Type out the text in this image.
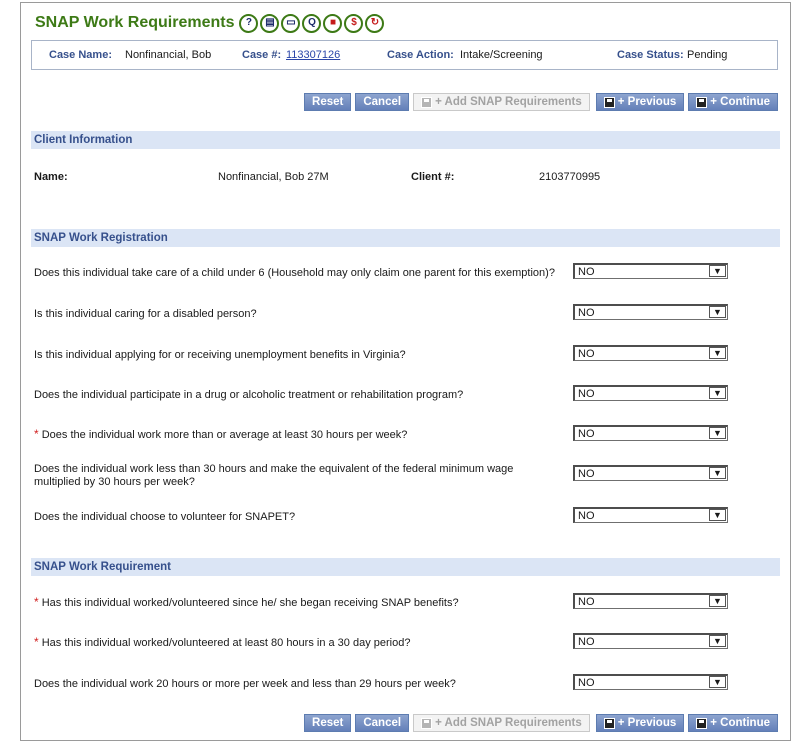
SNAP Work Requirements	?	▤	▭	Q	■	$	↻
Case Name: Nonfinancial, Bob	Case #: 113307126	Case Action: Intake/Screening	Case Status: Pending
Reset	Cancel	+ Add SNAP Requirements	+ Previous	+ Continue
Client Information
Name:	Nonfinancial, Bob 27M	Client #:	2103770995
SNAP Work Registration
Does this individual take care of a child under 6 (Household may only claim one parent for this exemption)?	NO	▼
Is this individual caring for a disabled person?	NO	▼
Is this individual applying for or receiving unemployment benefits in Virginia?	NO	▼
Does the individual participate in a drug or alcoholic treatment or rehabilitation program?	NO	▼
* Does the individual work more than or average at least 30 hours per week?	NO	▼
Does the individual work less than 30 hours and make the equivalent of the federal minimum wage multiplied by 30 hours per week?
NO	▼
Does the individual choose to volunteer for SNAPET?	NO	▼
SNAP Work Requirement
* Has this individual worked/volunteered since he/ she began receiving SNAP benefits?	NO	▼
* Has this individual worked/volunteered at least 80 hours in a 30 day period?	NO	▼
Does the individual work 20 hours or more per week and less than 29 hours per week?	NO	▼
Reset	Cancel	+ Add SNAP Requirements	+ Previous	+ Continue
